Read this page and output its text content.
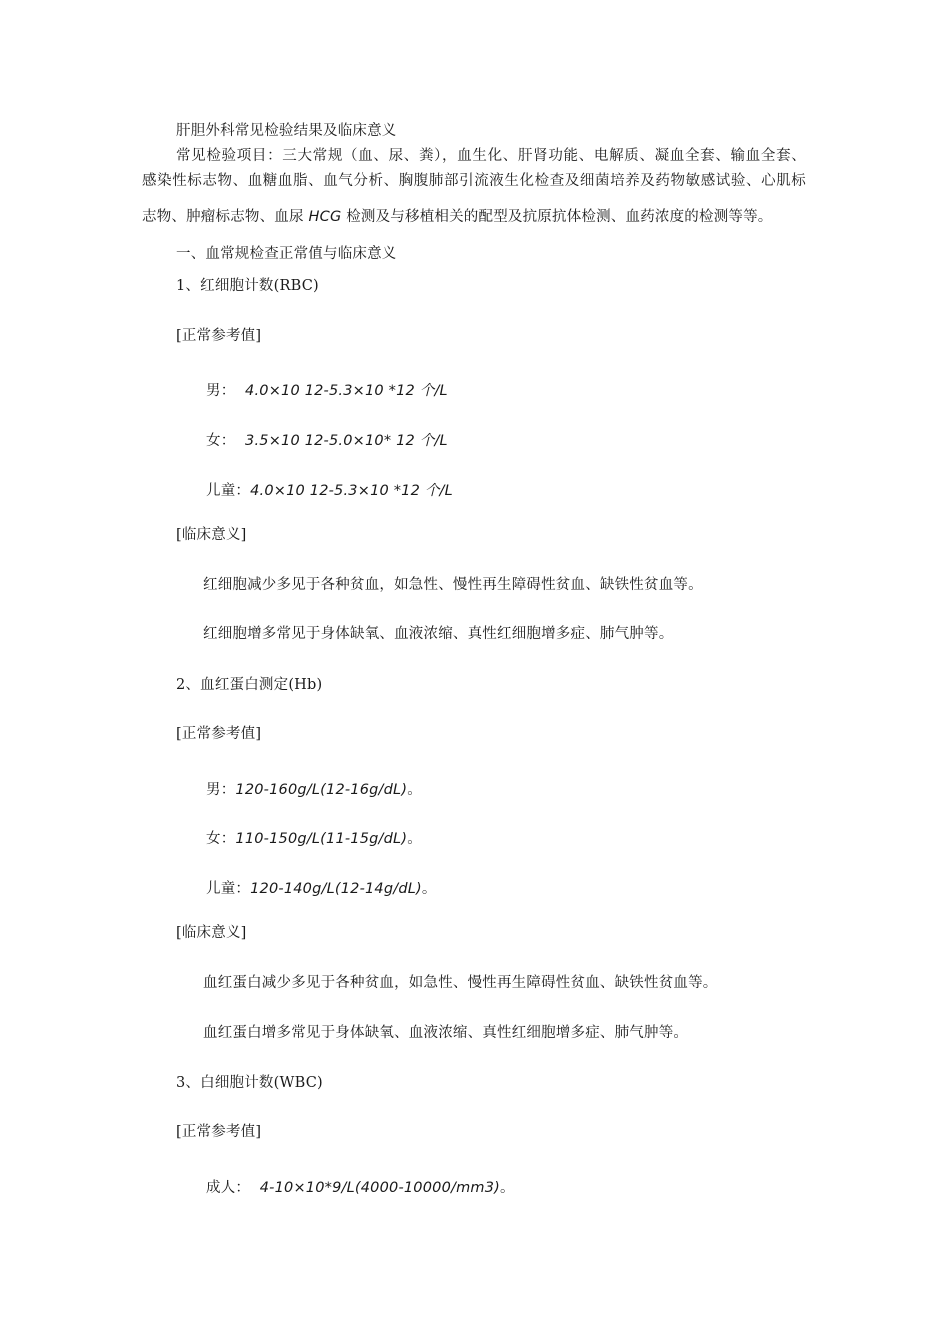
肝胆外科常见检验结果及临床意义
常见检验项目：三大常规（血、尿、粪），血生化、肝肾功能、电解质、凝血全套、输血全套、
感染性标志物、血糖血脂、血气分析、胸腹肺部引流液生化检查及细菌培养及药物敏感试验、心肌标
志物、肿瘤标志物、血尿 HCG 检测及与移植相关的配型及抗原抗体检测、血药浓度的检测等等。
一、血常规检查正常值与临床意义
1、红细胞计数(RBC)
[正常参考值]
男： 4.0×10 12-5.3×10 *12 个/L
女： 3.5×10 12-5.0×10* 12 个/L
儿童：4.0×10 12-5.3×10 *12 个/L
[临床意义]
红细胞减少多见于各种贫血，如急性、慢性再生障碍性贫血、缺铁性贫血等。
红细胞增多常见于身体缺氧、血液浓缩、真性红细胞增多症、肺气肿等。
2、血红蛋白测定(Hb)
[正常参考值]
男：120-160g/L(12-16g/dL)。
女：110-150g/L(11-15g/dL)。
儿童：120-140g/L(12-14g/dL)。
[临床意义]
血红蛋白减少多见于各种贫血，如急性、慢性再生障碍性贫血、缺铁性贫血等。
血红蛋白增多常见于身体缺氧、血液浓缩、真性红细胞增多症、肺气肿等。
3、白细胞计数(WBC)
[正常参考值]
成人： 4-10×10*9/L(4000-10000/mm3)。
